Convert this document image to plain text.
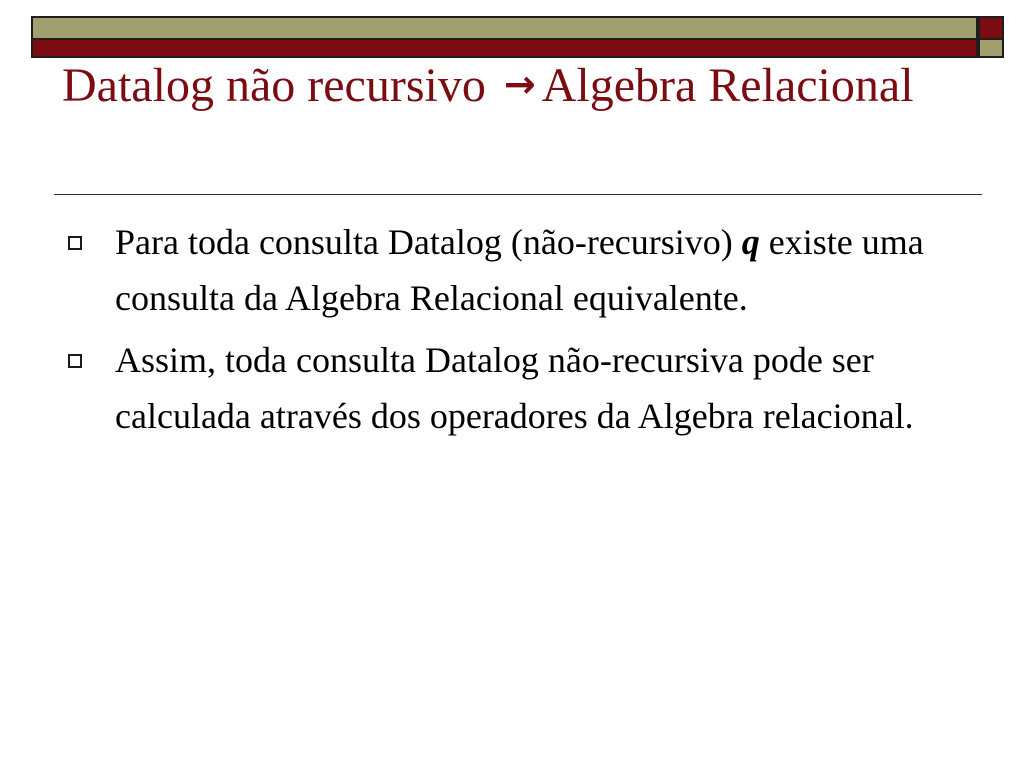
Datalog não recursivo → Algebra Relacional
Para toda consulta Datalog (não-recursivo) q existe uma consulta da Algebra Relacional equivalente.
Assim, toda consulta Datalog não-recursiva pode ser calculada através dos operadores da Algebra relacional.
